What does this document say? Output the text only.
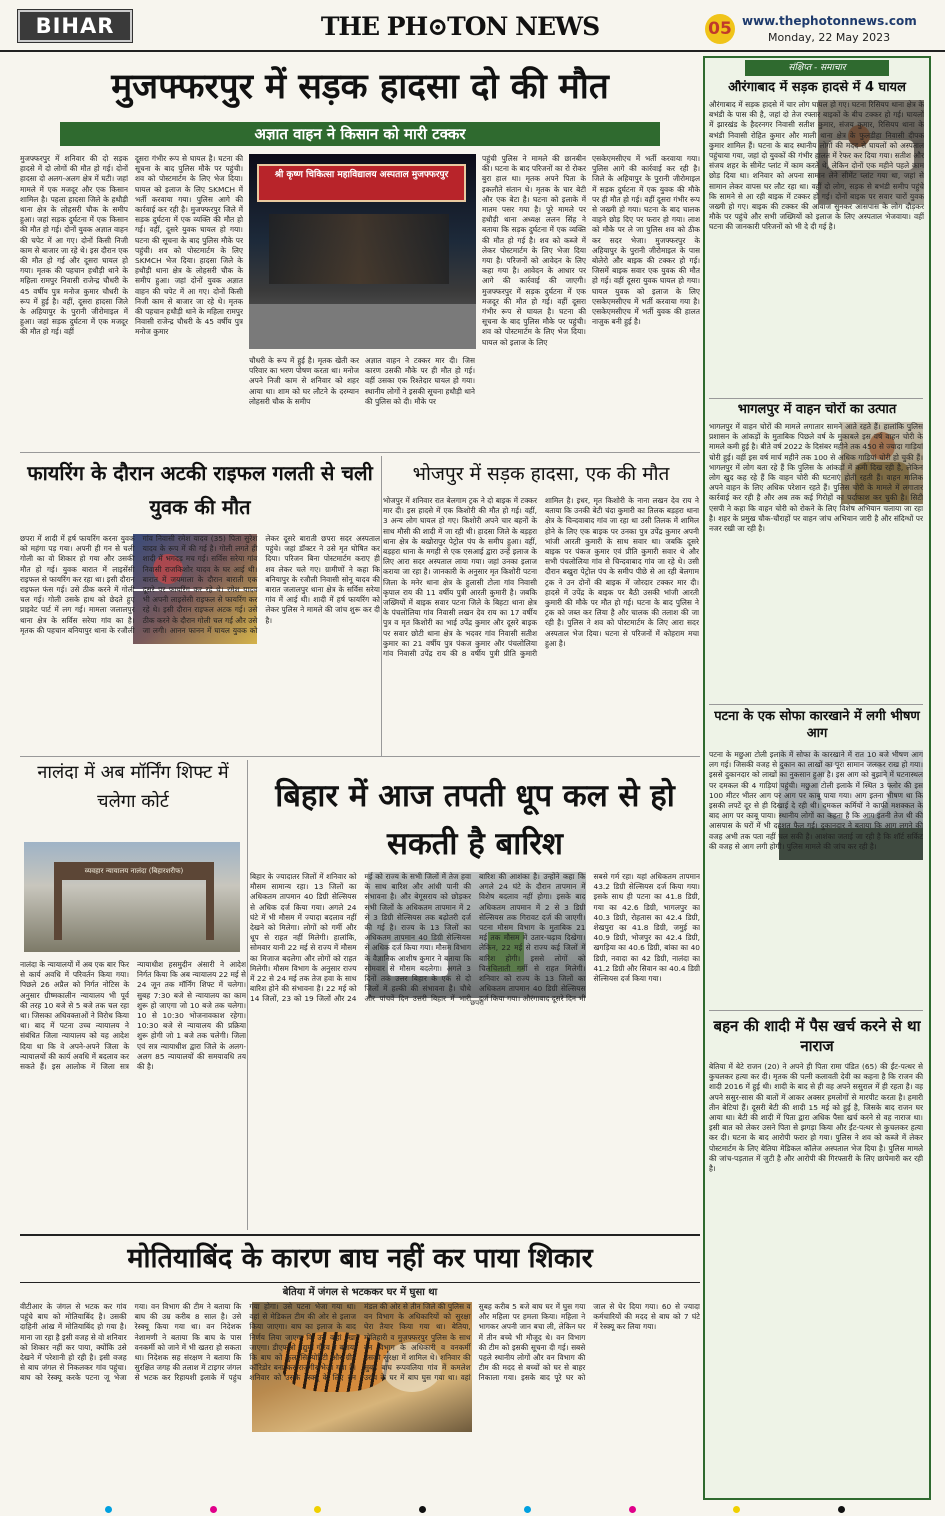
BIHAR	THE PH⊙TON NEWS	05 www.thephotonnews.com
Monday, 22 May 2023
मुजफ्फरपुर में सड़क हादसा दो की मौत
अज्ञात वाहन ने किसान को मारी टक्कर
मुजफ्फरपुर में शनिवार की दो सड़क हादसे में दो लोगों की मौत हो गई। दोनों हादसा दो अलग-अलग क्षेत्र में घटी। जहां मामले में एक मजदूर और एक किसान शामिल है। पहला हादसा जिले के हथौड़ी थाना क्षेत्र के लोहसरी चौक के समीप हुआ। जहां सड़क दुर्घटना में एक किसान की मौत हो गई। दोनों युवक अज्ञात वाहन की चपेट में आ गए। दोनों किसी निजी काम से बाजार जा रहे थे। इस दौरान एक की मौत हो गई और दूसरा घायल हो गया। मृतक की पहचान हथौड़ी थाने के महिला रामपुर निवासी राजेन्द्र चौधरी के 45 वर्षीय पुत्र मनोज कुमार चौधरी के रूप में हुई है। वहीं, दूसरा हादसा जिले के अहियापुर के पुरानी जीरोमाइल में हुआ। जहां सड़क दुर्घटना में एक मजदूर की मौत हो गई। वहीं
दूसरा गंभीर रूप से घायल है। घटना की सूचना के बाद पुलिस मौके पर पहुंची। शव को पोस्टमार्टम के लिए भेज दिया। घायल को इलाज के लिए SKMCH में भर्ती करवाया गया। पुलिस आगे की कार्रवाई कर रही है। मुजफ्फरपुर जिले में सड़क दुर्घटना में एक व्यक्ति की मौत हो गई। वहीं, दूसरे युवक घायल हो गया। घटना की सूचना के बाद पुलिस मौके पर पहुंची। शव को पोस्टमार्टम के लिए SKMCH भेज दिया। हादसा जिले के हथौड़ी थाना क्षेत्र के लोहसरी चौक के समीप हुआ। जहां दोनों युवक अज्ञात वाहन की चपेट में आ गए। दोनों किसी निजी काम से बाजार जा रहे थे। मृतक की पहचान हथौड़ी थाने के महिला रामपुर निवासी राजेन्द्र चौधरी के 45 वर्षीय पुत्र मनोज कुमार
श्री कृष्ण चिकित्सा महाविद्यालय अस्पताल मुजफ्फरपुर
चौधरी के रूप में हुई है। मृतक खेती कर परिवार का भरण पोषण करता था। मनोज अपने निजी काम से शनिवार को शहर आया था। शाम को घर लौटने के दरम्यान लोहसरी चौक के समीप
अज्ञात वाहन ने टक्कर मार दी। जिस कारण उसकी मौके पर ही मौत हो गई। वहीं उसका एक रिश्तेदार घायल हो गया। स्थानीय लोगों ने इसकी सूचना हथौड़ी थाने की पुलिस को दी। मौके पर
पहुंची पुलिस ने मामले की छानबीन की। घटना के बाद परिजनों का रो रोकर बुरा हाल था। मृतक अपने पिता के इकलौते संतान थे। मृतक के चार बेटी और एक बेटा है। घटना को इलाके में मातम पसर गया है। पूरे मामले पर हथौड़ी थाना अध्यक्ष ललन सिंह ने बताया कि सड़क दुर्घटना में एक व्यक्ति की मौत हो गई है। शव को कब्जे में लेकर पोस्टमार्टम के लिए भेजा दिया गया है। परिजनों को आवेदन के लिए कहा गया है। आवेदन के आधार पर आगे की कार्रवाई की जाएगी। मुजफ्फरपुर में सड़क दुर्घटना में एक मजदूर की मौत हो गई। वहीं दूसरा गंभीर रूप से घायल है। घटना की सूचना के बाद पुलिस मौके पर पहुंची। शव को पोस्टमार्टम के लिए भेज दिया। घायल को इलाज के लिए
एसकेएमसीएच में भर्ती करवाया गया। पुलिस आगे की कार्रवाई कर रही है। जिले के अहियापुर के पुरानी जीरोमाइल में सड़क दुर्घटना में एक युवक की मौके पर ही मौत हो गई। वहीं दूसरा गंभीर रूप से जख्मी हो गया। घटना के बाद चालक वाहने छोड़ दिए पर फरार हो गया। लाश को मौके पर ले जा पुलिस शव को ठीक कर सदर भेजा। मुजफ्फरपुर के अहियापुर के पुरानी जीरोमाइल के पास बोलेरो और बाइक की टक्कर हो गई। जिसमें बाइक सवार एक युवक की मौत हो गई। वहीं दूसरा युवक घायल हो गया। घायल युवक को इलाज के लिए एसकेएमसीएच में भर्ती करवाया गया है। एसकेएमसीएच में भर्ती युवक की हालत नाजुक बनी हुई है।
संक्षिप्त - समाचार
औरंगाबाद में सड़क हादसे में 4 घायल
औरंगाबाद में सड़क हादसे में चार लोग घायल हो गए। घटना रिसियप थाना क्षेत्र के बभंडी के पास की है, जहां दो तेज रफ्तार बाइकों के बीच टक्कर हो गई। घायलों में झारखंड के हैदरनगर निवासी सतीश कुमार, संजय कुमार, रिसियप थाना के बभंडी निवासी रोहित कुमार और माली थाना क्षेत्र के फुलडीहा निवासी दीपक कुमार शामिल हैं। घटना के बाद स्थानीय लोगों की मदद से घायलों को अस्पताल पहुंचाया गया, जहां दो युवकों की गंभीर हालत में रेफर कर दिया गया। सतीश और संजय शहर के सीमेंट प्लांट में काम करते थे, लेकिन दोनों एक महीने पहले काम छोड़ दिया था। शनिवार को अपना सामान लेने सीमेंट प्लांट गया था, जहां से सामान लेकर वापस घर लौट रहा था। वहीं दो लोग, सड़क से बभंडी समीप पहुंचे कि सामने से आ रही बाइक में टक्कर हो गई। दोनों बाइक पर सवार चारों युवक जख्मी हो गए। बाइक की टक्कर की आवाज सुनकर आसपास के लोग दौड़कर मौके पर पहुंचे और सभी जख्मियों को इलाज के लिए अस्पताल भेजवाया। वहीं घटना की जानकारी परिजनों को भी दे दी गई है।
भागलपुर में वाहन चोरों का उत्पात
भागलपुर में वाहन चोरों की मामले लगातार सामने आते रहते हैं। हालांकि पुलिस प्रशासन के आंकड़ों के मुताबिक पिछले वर्ष के मुकाबले इस वर्ष वाहन चोरी के मामले कमी हुई है। बीते वर्ष 2022 के दिसंबर महीने तक 450 से ज्यादा गाड़ियां चोरी हुई। वहीं इस वर्ष मार्च महीने तक 100 से अधिक गाड़ियां चोरी हो चुकी हैं। भागलपुर में लोग बता रहे हैं कि पुलिस के आंकड़ों में कमी दिख रही है, लेकिन लोग खुद कह रहे हैं कि वाहन चोरी की घटनाएं होती रहती हैं। वाहन मालिक अपने वाहन के लिए अधिक परेशान रहते हैं। पुलिस चोरी के मामले में लगातार कार्रवाई कर रही है और अब तक कई गिरोहों का पर्दाफाश कर चुकी है। सिटी एसपी ने कहा कि वाहन चोरी को रोकने के लिए विशेष अभियान चलाया जा रहा है। शहर के प्रमुख चौक-चौराहों पर वाहन जांच अभियान जारी है और संदिग्धों पर नजर रखी जा रही है।
पटना के एक सोफा कारखाने में लगी भीषण आग
पटना के मछुआ टोली इलाके में सोफा के कारखाने में रात 10 बजे भीषण आग लग गई। जिसकी वजह से दुकान का लाखों का पूरा सामान जलकर राख हो गया। इससे दुकानदार को लाखों का नुकसान हुआ है। इस आग को बुझाने में घटनास्थल पर दमकल की 4 गाड़ियां पहुंची। मछुआ टोली इलाके में स्थित 3 फ्लोर की इस 100 मीटर भीतर आग पर आग पर काबू पाया गया। आग इतना भीषण था कि इसकी लपटें दूर से ही दिखाई दे रही थी। दमकल कर्मियों ने काफी मशक्कत के बाद आग पर काबू पाया। स्थानीय लोगों का कहना है कि आग इतनी तेज थी की आसपास के घरों में भी दहशत फैल गई। दुकानदार ने बताया कि आग लगने की वजह अभी तक पता नहीं चल सकी है। आशंका जताई जा रही है कि शॉर्ट सर्किट की वजह से आग लगी होगी। पुलिस मामले की जांच कर रही है।
बहन की शादी में पैस खर्च करने से था नाराज
बेतिया में बेटे राजन (20) ने अपने ही पिता रामा पंडित (65) की ईंट-पत्थर से कुचलकर हत्या कर दी। मृतक की पत्नी कलावती देवी का कहना है कि राजन की शादी 2016 में हुई थी। शादी के बाद से ही वह अपने ससुराल में ही रहता है। वह अपने ससुर-सास की बातों में आकर अक्सर हमलोगों से मारपीट करता है। हमारी तीन बेटियां हैं। दूसरी बेटी की शादी 15 मई को हुई है, जिसके बाद राजन घर आया था। बेटी की शादी में पिता द्वारा अधिक पैसा खर्च करने से वह नाराज था। इसी बात को लेकर उसने पिता से झगड़ा किया और ईंट-पत्थर से कुचलकर हत्या कर दी। घटना के बाद आरोपी फरार हो गया। पुलिस ने शव को कब्जे में लेकर पोस्टमार्टम के लिए बेतिया मेडिकल कॉलेज अस्पताल भेज दिया है। पुलिस मामले की जांच-पड़ताल में जुटी है और आरोपी की गिरफ्तारी के लिए छापेमारी कर रही है।
फायरिंग के दौरान अटकी राइफल गलती से चली युवक की मौत
छपरा में शादी में हर्ष फायरिंग करना युवक को महंगा पड़ गया। अपनी ही गन से चली गोली का वो शिकार हो गया और उसकी मौत हो गई। युवक बारात में लाइसेंसी राइफल से फायरिंग कर रहा था। इसी दौरान राइफल फंस गई। उसे ठीक करने में गोली चल गई। गोली उसके हाथ को छेदते हुए प्राइवेट पार्ट में लग गई। मामला जलालपुर थाना क्षेत्र के सर्विस सरेया गांव का है। मृतक की पहचान बनियापुर थाना के रजौली गांव निवासी रमेश यादव (35) पिता सुरेश यादव के रूप में की गई है। गोली लगते ही शादी में भगदड़ मच गई। सर्विस सरेया गांव निवासी राजकिशोर यादव के घर आई थी। बारात में जयमाला के दौरान बाराती एक दूसरे पर फायरिंग कर रहे थे। रमेश यादव भी अपनी लाइसेंसी राइफल से फायरिंग कर रहे थे। इसी दौरान राइफल अटक गई। उसे ठीक करने के दौरान गोली चल गई और उसे जा लगी। आनन फानन में घायल युवक को लेकर दूसरे बाराती छपरा सदर अस्पताल पहुंचे। जहां डॉक्टर ने उसे मृत घोषित कर दिया। परिजन बिना पोस्टमार्टम कराए ही शव लेकर चले गए। ग्रामीणों ने कहा कि बनियापुर के रजौली निवासी सोनू यादव की बारात जलालपुर थाना क्षेत्र के सर्विस सरेया गांव में आई थी। शादी में हर्ष फायरिंग को लेकर पुलिस ने मामले की जांच शुरू कर दी है।
भोजपुर में सड़क हादसा, एक की मौत
भोजपुर में शनिवार रात बेलगाम ट्रक ने दो बाइक में टक्कर मार दी। इस हादसे में एक किशोरी की मौत हो गई। वहीं, 3 अन्य लोग घायल हो गए। किशोरी अपने चार बहनों के साथ मौसी की शादी में जा रही थी। हादसा जिले के बड़हरा थाना क्षेत्र के बखोरापुर पेट्रोल पंप के समीप हुआ। वहीं, बड़हरा थाना के मगही से एक एसआई द्वारा उन्हें इलाज के लिए आरा सदर अस्पताल लाया गया। जहां उनका इलाज कराया जा रहा है। जानकारी के अनुसार मृत किशोरी पटना जिला के मनेर थाना क्षेत्र के हुलासी टोला गांव निवासी कृपाल राय की 11 वर्षीय पुत्री आरती कुमारी है। जबकि जख्मियों में बाइक सवार पटना जिले के बिहटा थाना क्षेत्र के पंचलोलिया गांव निवासी लखन देव राय का 17 वर्षीय पुत्र व मृत किशोरी का भाई उपेंद्र कुमार और दूसरे बाइक पर सवार छोटी थाना क्षेत्र के भदवर गांव निवासी सतीश कुमार का 21 वर्षीय पुत्र पंकज कुमार और पंचलोलिया गांव निवासी उपेंद्र राय की 8 वर्षीय पुत्री प्रीति कुमारी शामिल है। इधर, मृत किशोरी के नाना लखन देव राय ने बताया कि उनकी बेटी चंदा कुमारी का तिलक बड़हरा थाना क्षेत्र के चिन्दवाबाद गांव जा रहा था उसी तिलक में शामिल होने के लिए एक बाइक पर उनका पुत्र उपेंद्र कुमार अपनी भांजी आरती कुमारी के साथ सवार था। जबकि दूसरे बाइक पर पंकज कुमार एवं प्रीति कुमारी सवार थे और सभी पंचलोलिया गांव से चिन्दवाबाद गांव जा रहे थे। उसी दौरान बखुरा पेट्रोल पंप के समीप पीछे से आ रही बेलगाम ट्रक ने उन दोनों की बाइक में जोरदार टक्कर मार दी। हादसे में उपेंद्र के बाइक पर बैठी उसकी भांजी आरती कुमारी की मौके पर मौत हो गई। घटना के बाद पुलिस ने ट्रक को जब्त कर लिया है और चालक की तलाश की जा रही है। पुलिस ने शव को पोस्टमार्टम के लिए आरा सदर अस्पताल भेज दिया। घटना से परिजनों में कोहराम मचा हुआ है।
नालंदा में अब मॉर्निंग शिफ्ट में चलेगा कोर्ट
व्यवहार न्यायालय नालंदा (बिहारशरीफ)
नालंदा के न्यायालयों में अब एक बार फिर से कार्य अवधि में परिवर्तन किया गया। पिछले 26 अप्रैल को निर्गत नोटिस के अनुसार ग्रीष्मकालीन न्यायालय भी पूर्व की तरह 10 बजे से 5 बजे तक चल रहा था। जिसका अधिवक्ताओं ने विरोध किया था। बाद में पटना उच्च न्यायालय ने संबंधित जिला न्यायालय को यह आदेश दिया था कि वे अपने-अपने जिला के न्यायालयों की कार्य अवधि में बदलाव कर सकते हैं। इस आलोक में जिला सत्र न्यायाधीश हसमुदीन अंसारी ने आदेश निर्गत किया कि अब न्यायालय 22 मई से 24 जून तक मॉर्निंग शिफ्ट में चलेगा। सुबह 7:30 बजे से न्यायालय का काम शुरू हो जाएगा जो 10 बजे तक चलेगा। 10 से 10:30 भोजनावकाश रहेगा। 10:30 बजे से न्यायालय की प्रक्रिया शुरू होगी जो 1 बजे तक चलेगी। जिला एवं सत्र न्यायाधीश द्वारा जिले के अलग-अलग 85 न्यायालयों की समयावधि तय की है।
बिहार में आज तपती धूप कल से हो सकती है बारिश
छपरा
बिहार के ज्यादातर जिलों में शनिवार को मौसम सामान्य रहा। 13 जिलों का अधिकतम तापमान 40 डिग्री सेल्सियस से अधिक दर्ज किया गया। अगले 24 घंटे में भी मौसम में ज्यादा बदलाव नहीं देखने को मिलेगा। लोगों को गर्मी और धूप से राहत नहीं मिलेगी। हालांकि, सोमवार यानी 22 मई से राज्य में मौसम का मिजाज बदलेगा और लोगों को राहत मिलेगी। मौसम विभाग के अनुसार राज्य में 22 से 24 मई तक तेज हवा के साथ बारिश होने की संभावना है। 22 मई को 14 जिलों, 23 को 19 जिलों और 24 मई को राज्य के सभी जिलों में तेज हवा के साथ बारिश और आंधी पानी की संभावना है। और बेगूसराय को छोड़कर सभी जिलों के अधिकतम तापमान में 2 से 3 डिग्री सेल्सियस तक बढ़ोतरी दर्ज की गई है। राज्य के 13 जिलों का अधिकतम तापमान 40 डिग्री सेल्सियस से अधिक दर्ज किया गया। मौसम विभाग के वैज्ञानिक आशीष कुमार ने बताया कि सोमवार से मौसम बदलेगा। अगले 3 दिनों तक उत्तर बिहार के एक से दो जिलों में हल्की की संभावना है। चौथे और पांचवें दिन उत्तरी बिहार में भारी बारिश की आशंका है। उन्होंने कहा कि अगले 24 घंटे के दौरान तापमान में विशेष बदलाव नहीं होगा। इसके बाद अधिकतम तापमान में 2 से 3 डिग्री सेल्सियस तक गिरावट दर्ज की जाएगी। पटना मौसम विभाग के मुताबिक 21 मई तक मौसम में उतार-चढ़ाव दिखेगा। लेकिन, 22 मई से राज्य कई जिलों में बारिश होगी। इससे लोगों को चिलचिलाती गर्मी से राहत मिलेगी। शनिवार को राज्य के 13 जिलों का अधिकतम तापमान 40 डिग्री सेल्सियस दर्ज किया गया। औरंगाबाद दूसरे दिन भी सबसे गर्म रहा। यहां अधिकतम तापमान 43.2 डिग्री सेल्सियस दर्ज किया गया। इसके साथ ही पटना का 41.8 डिग्री, गया का 42.6 डिग्री, भागलपुर का 40.3 डिग्री, रोहतास का 42.4 डिग्री, शेखपुरा का 41.8 डिग्री, जमुई का 40.9 डिग्री, भोजपुर का 42.4 डिग्री, खगड़िया का 40.6 डिग्री, बांका का 40 डिग्री, नवादा का 42 डिग्री, नालंदा का 41.2 डिग्री और सिवान का 40.4 डिग्री सेल्सियस दर्ज किया गया।
मोतियाबिंद के कारण बाघ नहीं कर पाया शिकार
बेतिया में जंगल से भटककर घर में घुसा था
वीटीआर के जंगल से भटक कर गांव पहुंचे बाघ को मोतियाबिंद है। उसकी दाहिनी आंख में मोतियाबिंद हो गया है। माना जा रहा है इसी वजह से वो शनिवार को शिकार नहीं कर पाया, क्योंकि उसे देखने में परेशानी हो रही है। इसी वजह से बाघ जंगल से निकलकर गांव पहुंचा। बाघ को रेस्क्यू करके पटना जू भेजा गया। वन विभाग की टीम ने बताया कि बाघ की उम्र करीब 8 साल है। उसे रेस्क्यू किया गया था। वन निदेशक नेशामणी ने बताया कि बाघ के पास वनकर्मी को जाने में भी खतरा हो सकता था। निदेशक सह संरक्षण ने बताया कि सुरक्षित जगह की तलाश में टाइगर जंगल से भटक कर रिहायशी इलाके में पहुंच गया होगा। उसे पटना भेजा गया था। वहां से मेडिकल टीम की ओर से इलाज किया जाएगा। बाघ का इलाज के बाद निर्णय लिया जाएगा कि उसे कहां रखा जाएगा। डीएफओ प्रद्युम्न गौरव ने बताया कि बाघ को फुल सिक्योरिटी और ग्रीन कॉरिडोर बना कर राजगीर भेजा गया है। शनिवार को उसके रेस्क्यू के लिए वन मंडल की ओर से तीन जिले की पुलिस व वन विभाग के अधिकारियों को सुरक्षा घेरा तैयार किया गया था। बेतिया, मोतिहारी व मुज़फ्फरपुर पुलिस के साथ वन विभाग के अधिकारी व वनकर्मी उसकी सुरक्षा में शामिल थे। शनिवार की सुबह बाघ रूपवलिया गांव में कमलेश उरांव के घर में बाघ घुस गया था। वहां सुबह करीब 5 बजे बाघ घर में घुस गया और महिला पर हमला किया। महिला ने भागकर अपनी जान बचा ली, लेकिन घर में तीन बच्चे भी मौजूद थे। वन विभाग की टीम को इसकी सूचना दी गई। सबसे पहले स्थानीय लोगों और वन विभाग की टीम की मदद से बच्चों को घर से बाहर निकाला गया। इसके बाद पूरे घर को जाल से घेर दिया गया। 60 से ज्यादा कर्मचारियों की मदद से बाघ को 7 घंटे में रेस्क्यू कर लिया गया।
